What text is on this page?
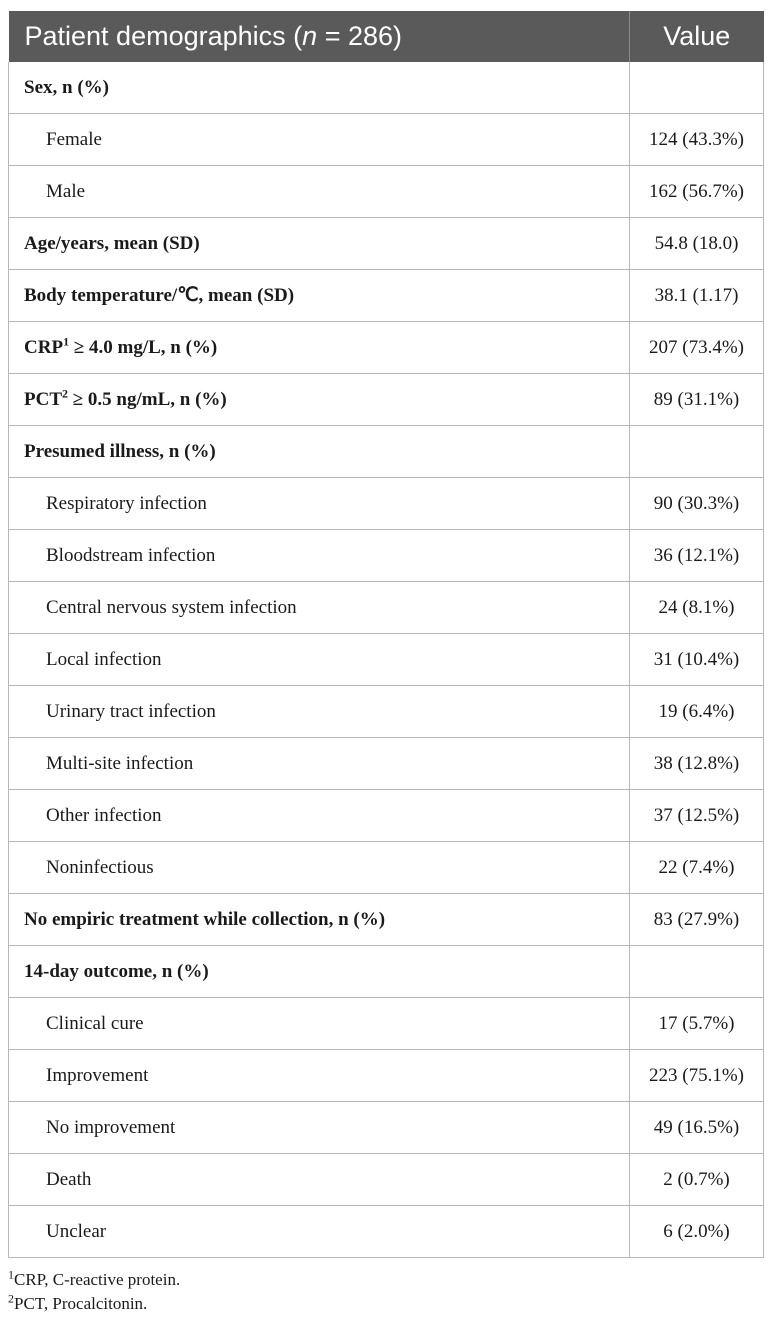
Patient demographics (n = 286)	Value
Sex, n (%)	
Female	124 (43.3%)
Male	162 (56.7%)
Age/years, mean (SD)	54.8 (18.0)
Body temperature/℃, mean (SD)	38.1 (1.17)
$CRP^1 \ge 4.0$ mg/L, n (%)	207 (73.4%)
$PCT^2 \ge 0.5$ ng/mL, n (%)	89 (31.1%)
Presumed illness, n (%)	
Respiratory infection	90 (30.3%)
Bloodstream infection	36 (12.1%)
Central nervous system infection	24 (8.1%)
Local infection	31 (10.4%)
Urinary tract infection	19 (6.4%)
Multi-site infection	38 (12.8%)
Other infection	37 (12.5%)
Noninfectious	22 (7.4%)
No empiric treatment while collection, n (%)	83 (27.9%)
14-day outcome, n (%)	
Clinical cure	17 (5.7%)
Improvement	223 (75.1%)
No improvement	49 (16.5%)
Death	2 (0.7%)
Unclear	6 (2.0%)
$^1$CRP, C-reactive protein.
$^2$PCT, Procalcitonin.
